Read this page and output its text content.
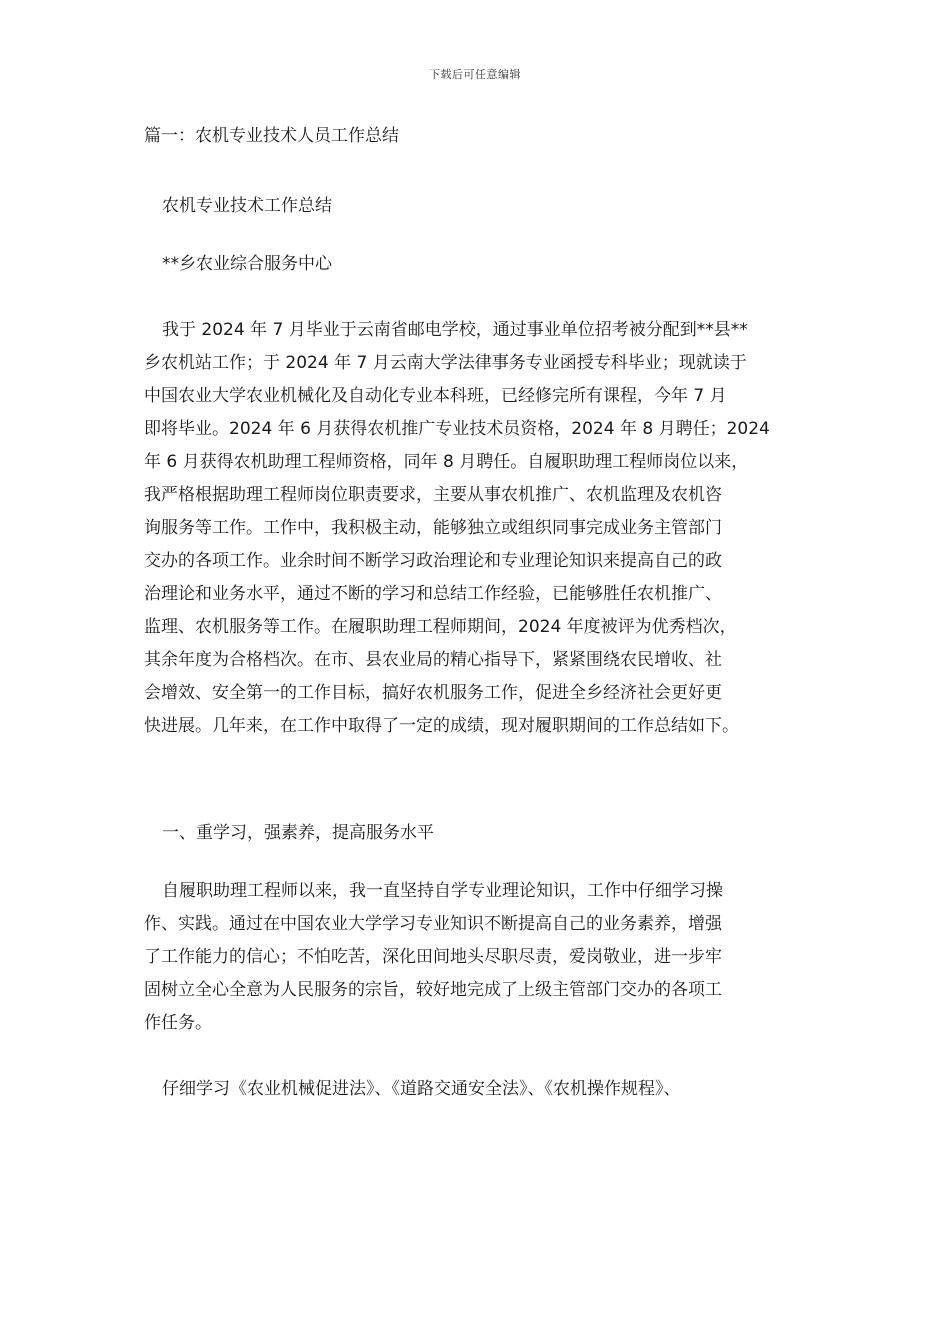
下载后可任意编辑

篇一：农机专业技术人员工作总结

农机专业技术工作总结

**乡农业综合服务中心

我于 2024 年 7 月毕业于云南省邮电学校，通过事业单位招考被分配到**县**

乡农机站工作；于 2024 年 7 月云南大学法律事务专业函授专科毕业；现就读于

中国农业大学农业机械化及自动化专业本科班，已经修完所有课程，今年 7 月

即将毕业。2024 年 6 月获得农机推广专业技术员资格，2024 年 8 月聘任；2024

年 6 月获得农机助理工程师资格，同年 8 月聘任。自履职助理工程师岗位以来，

我严格根据助理工程师岗位职责要求，主要从事农机推广、农机监理及农机咨

询服务等工作。工作中，我积极主动，能够独立或组织同事完成业务主管部门

交办的各项工作。业余时间不断学习政治理论和专业理论知识来提高自己的政

治理论和业务水平，通过不断的学习和总结工作经验，已能够胜任农机推广、

监理、农机服务等工作。在履职助理工程师期间，2024 年度被评为优秀档次，

其余年度为合格档次。在市、县农业局的精心指导下，紧紧围绕农民增收、社

会增效、安全第一的工作目标，搞好农机服务工作，促进全乡经济社会更好更

快进展。几年来，在工作中取得了一定的成绩，现对履职期间的工作总结如下。

一、重学习，强素养，提高服务水平

自履职助理工程师以来，我一直坚持自学专业理论知识，工作中仔细学习操

作、实践。通过在中国农业大学学习专业知识不断提高自己的业务素养，增强

了工作能力的信心；不怕吃苦，深化田间地头尽职尽责，爱岗敬业，进一步牢

固树立全心全意为人民服务的宗旨，较好地完成了上级主管部门交办的各项工

作任务。

仔细学习《农业机械促进法》、《道路交通安全法》、《农机操作规程》、
